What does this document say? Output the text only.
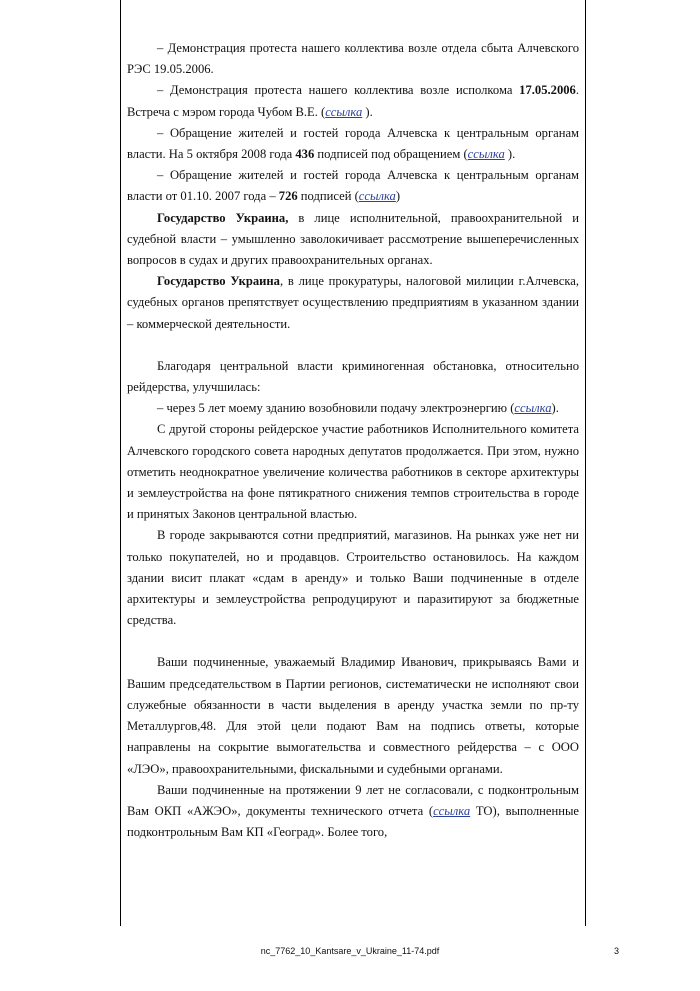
– Демонстрация протеста нашего коллектива возле отдела сбыта Алчевского РЭС 19.05.2006.

– Демонстрация протеста нашего коллектива возле исполкома 17.05.2006. Встреча с мэром города Чубом В.Е. (ссылка ).

– Обращение жителей и гостей города Алчевска к центральным органам власти. На 5 октября 2008 года 436 подписей под обращением (ссылка ).

– Обращение жителей и гостей города Алчевска к центральным органам власти от 01.10. 2007 года – 726 подписей (ссылка)

Государство Украина, в лице исполнительной, правоохранительной и судебной власти – умышленно заволокичивает рассмотрение вышеперечисленных вопросов в судах и других правоохранительных органах.

Государство Украина, в лице прокуратуры, налоговой милиции г.Алчевска, судебных органов препятствует осуществлению предприятиям в указанном здании – коммерческой деятельности.

Благодаря центральной власти криминогенная обстановка, относительно рейдерства, улучшилась:

– через 5 лет моему зданию возобновили подачу электроэнергию (ссылка).

С другой стороны рейдерское участие работников Исполнительного комитета Алчевского городского совета народных депутатов продолжается. При этом, нужно отметить неоднократное увеличение количества работников в секторе архитектуры и землеустройства на фоне пятикратного снижения темпов строительства в городе и принятых Законов центральной властью.

В городе закрываются сотни предприятий, магазинов. На рынках уже нет ни только покупателей, но и продавцов. Строительство остановилось. На каждом здании висит плакат «сдам в аренду» и только Ваши подчиненные в отделе архитектуры и землеустройства репродуцируют и паразитируют за бюджетные средства.

Ваши подчиненные, уважаемый Владимир Иванович, прикрываясь Вами и Вашим председательством в Партии регионов, систематически не исполняют свои служебные обязанности в части выделения в аренду участка земли по пр-ту Металлургов,48. Для этой цели подают Вам на подпись ответы, которые направлены на сокрытие вымогательства и совместного рейдерства – с ООО «ЛЭО», правоохранительными, фискальными и судебными органами.

Ваши подчиненные на протяжении 9 лет не согласовали, с подконтрольным Вам ОКП «АЖЭО», документы технического отчета (ссылка ТО), выполненные подконтрольным Вам КП «Геоград». Более того,

nc_7762_10_Kantsare_v_Ukraine_11-74.pdf	3
